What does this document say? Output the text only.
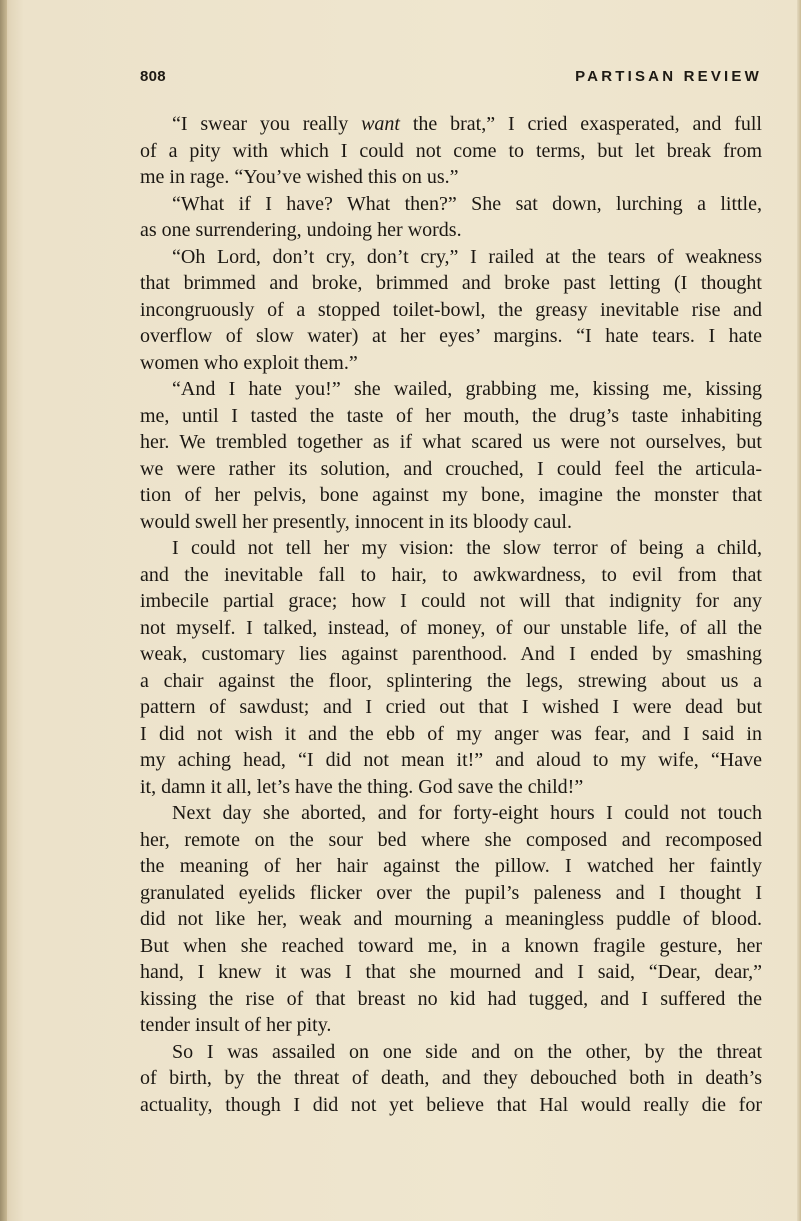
808	PARTISAN REVIEW
“I swear you really want the brat,” I cried exasperated, and full
of a pity with which I could not come to terms, but let break from
me in rage. “You’ve wished this on us.”
“What if I have? What then?” She sat down, lurching a little,
as one surrendering, undoing her words.
“Oh Lord, don’t cry, don’t cry,” I railed at the tears of weakness
that brimmed and broke, brimmed and broke past letting (I thought
incongruously of a stopped toilet-bowl, the greasy inevitable rise and
overflow of slow water) at her eyes’ margins. “I hate tears. I hate
women who exploit them.”
“And I hate you!” she wailed, grabbing me, kissing me, kissing
me, until I tasted the taste of her mouth, the drug’s taste inhabiting
her. We trembled together as if what scared us were not ourselves, but
we were rather its solution, and crouched, I could feel the articula-
tion of her pelvis, bone against my bone, imagine the monster that
would swell her presently, innocent in its bloody caul.
I could not tell her my vision: the slow terror of being a child,
and the inevitable fall to hair, to awkwardness, to evil from that
imbecile partial grace; how I could not will that indignity for any
not myself. I talked, instead, of money, of our unstable life, of all the
weak, customary lies against parenthood. And I ended by smashing
a chair against the floor, splintering the legs, strewing about us a
pattern of sawdust; and I cried out that I wished I were dead but
I did not wish it and the ebb of my anger was fear, and I said in
my aching head, “I did not mean it!” and aloud to my wife, “Have
it, damn it all, let’s have the thing. God save the child!”
Next day she aborted, and for forty-eight hours I could not touch
her, remote on the sour bed where she composed and recomposed
the meaning of her hair against the pillow. I watched her faintly
granulated eyelids flicker over the pupil’s paleness and I thought I
did not like her, weak and mourning a meaningless puddle of blood.
But when she reached toward me, in a known fragile gesture, her
hand, I knew it was I that she mourned and I said, “Dear, dear,”
kissing the rise of that breast no kid had tugged, and I suffered the
tender insult of her pity.
So I was assailed on one side and on the other, by the threat
of birth, by the threat of death, and they debouched both in death’s
actuality, though I did not yet believe that Hal would really die for
